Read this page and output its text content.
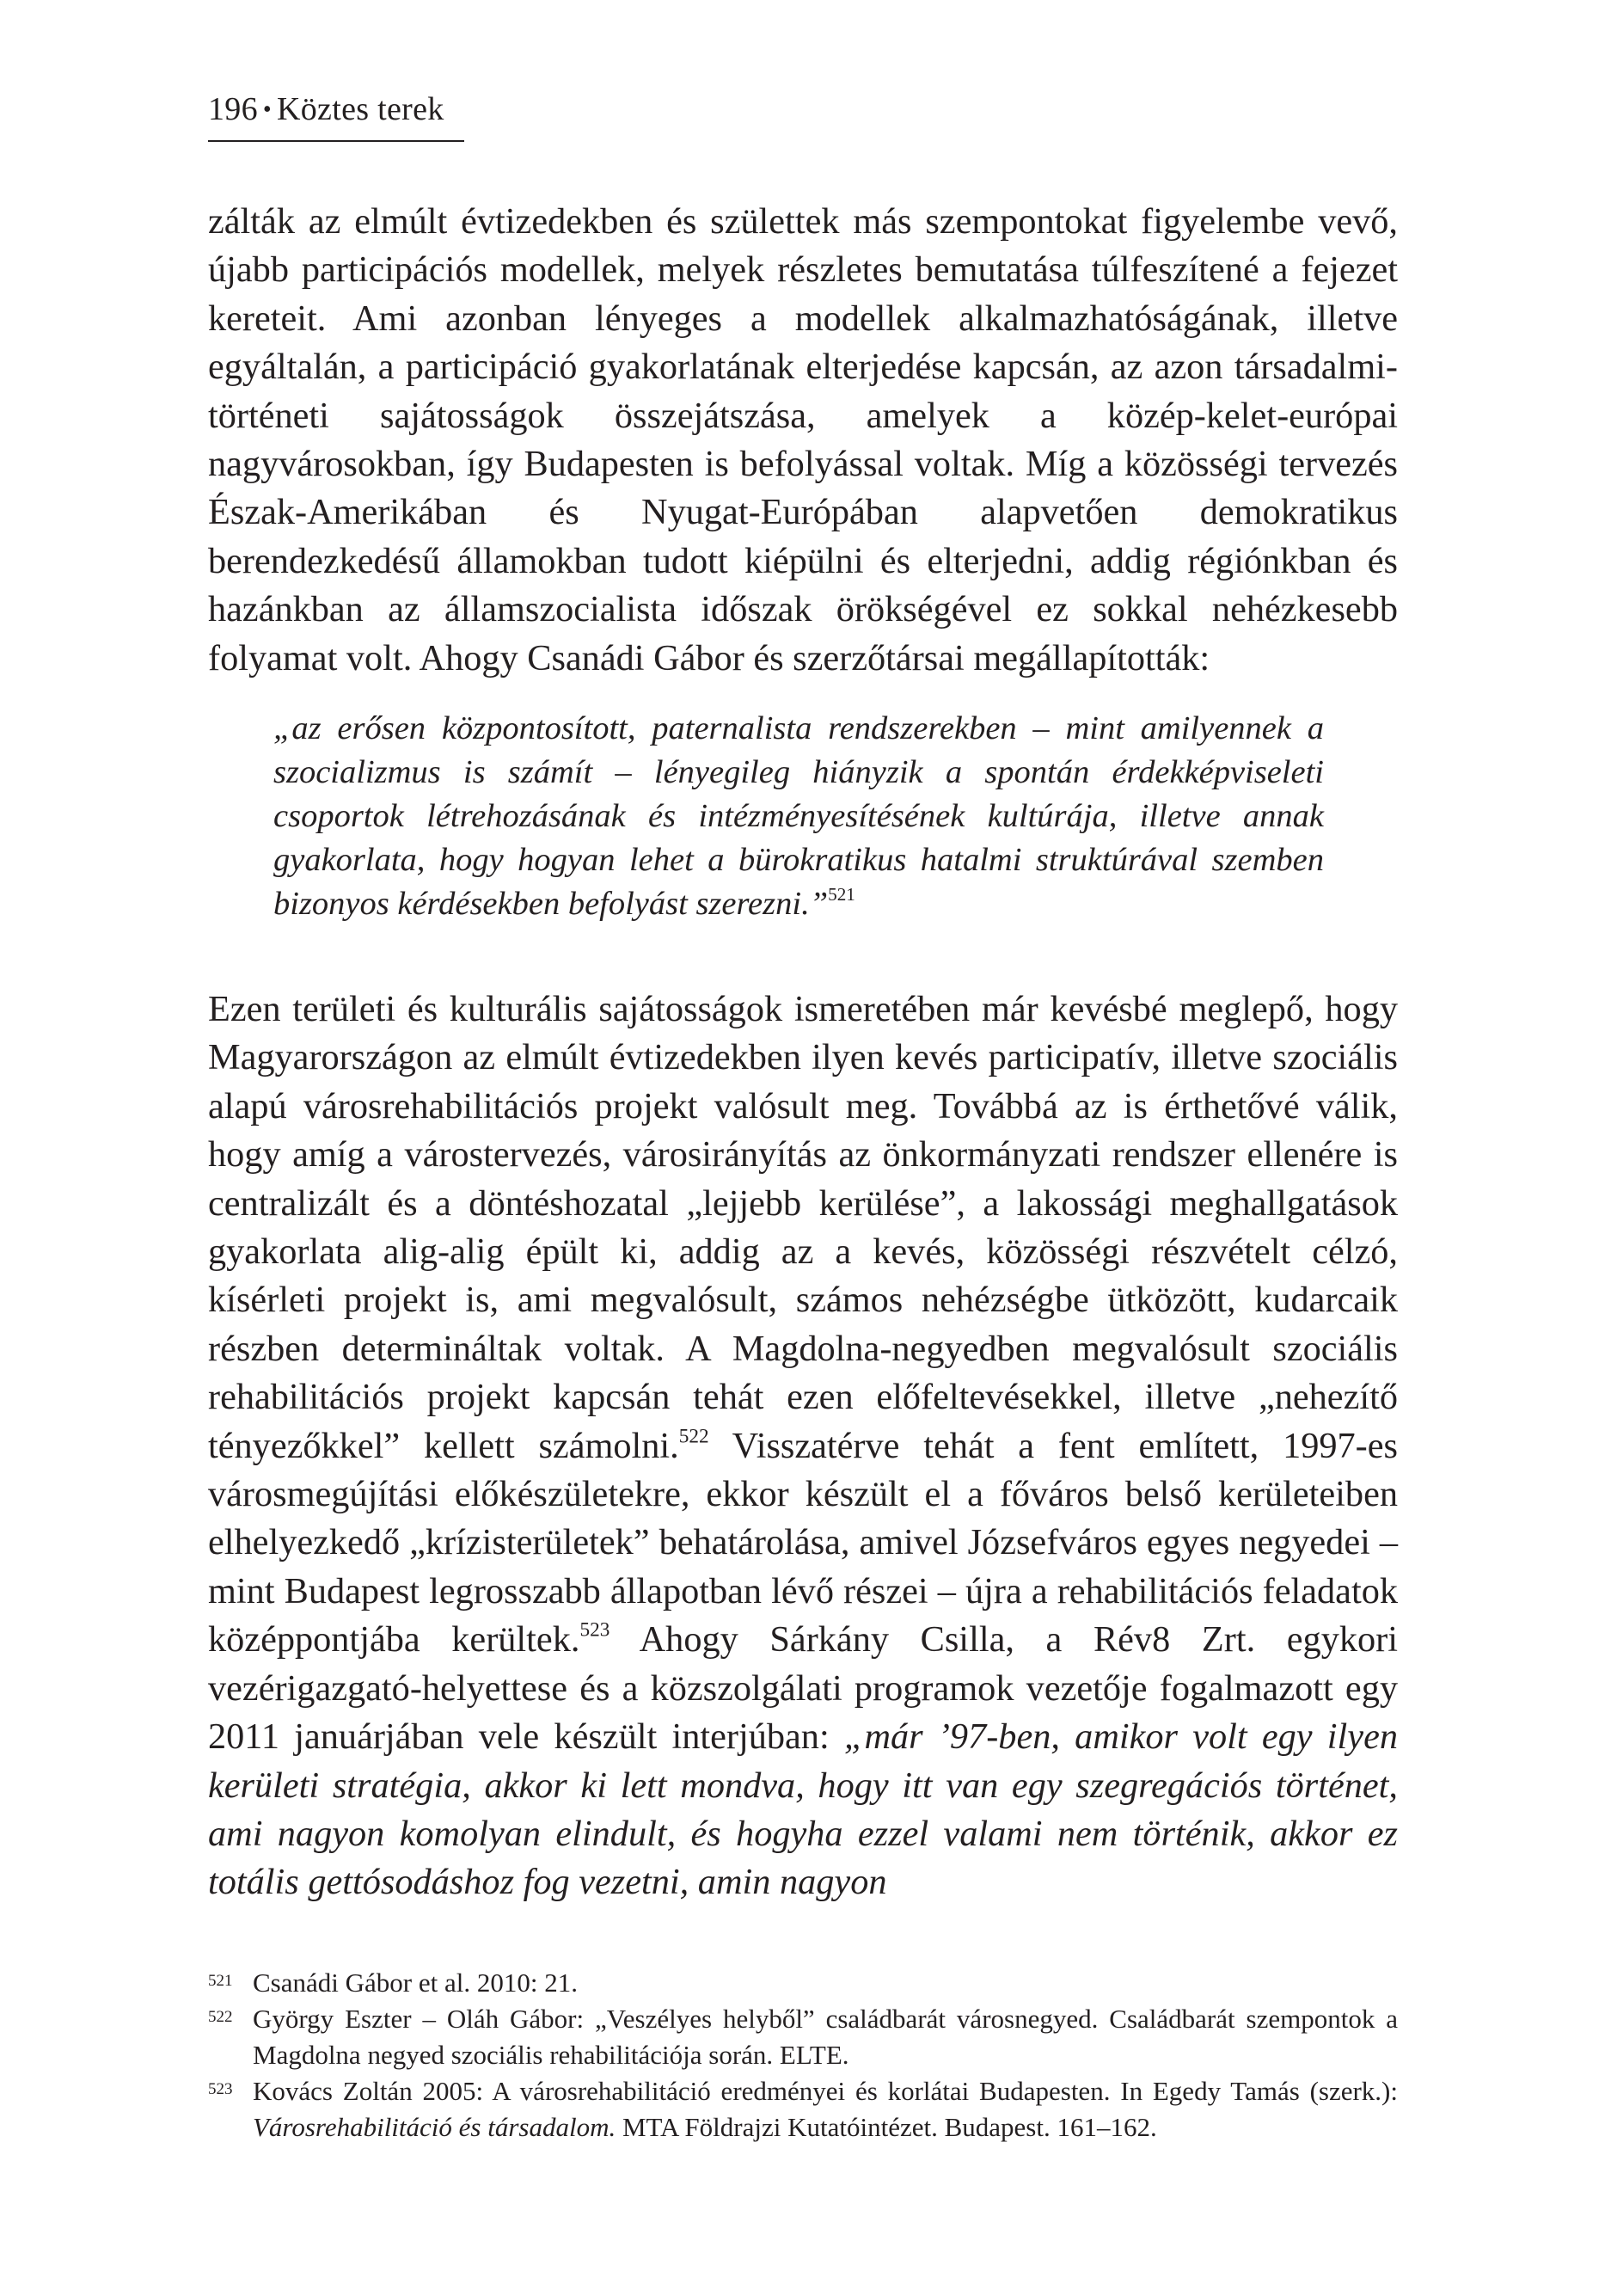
196 • Köztes terek

zálták az elmúlt évtizedekben és születtek más szempontokat figyelembe vevő, újabb participációs modellek, melyek részletes bemutatása túlfeszítené a fejezet kereteit. Ami azonban lényeges a modellek alkalmazhatóságának, illetve egyáltalán, a participáció gyakorlatának elterjedése kapcsán, az azon társadalmi-történeti sajátosságok összejátszása, amelyek a közép-kelet-európai nagyvárosokban, így Budapesten is befolyással voltak. Míg a közösségi tervezés Észak-Amerikában és Nyugat-Európában alapvetően demokratikus berendezkedésű államokban tudott kiépülni és elterjedni, addig régiónkban és hazánkban az államszocialista időszak örökségével ez sokkal nehézkesebb folyamat volt. Ahogy Csanádi Gábor és szerzőtársai megállapították:

„az erősen központosított, paternalista rendszerekben – mint amilyennek a szocializmus is számít – lényegileg hiányzik a spontán érdekképviseleti csoportok létrehozásának és intézményesítésének kultúrája, illetve annak gyakorlata, hogy hogyan lehet a bürokratikus hatalmi struktúrával szemben bizonyos kérdésekben befolyást szerezni.”$^{521}$

Ezen területi és kulturális sajátosságok ismeretében már kevésbé meglepő, hogy Magyarországon az elmúlt évtizedekben ilyen kevés participatív, illetve szociális alapú városrehabilitációs projekt valósult meg. Továbbá az is érthetővé válik, hogy amíg a várostervezés, városirányítás az önkormányzati rendszer ellenére is centralizált és a döntéshozatal „lejjebb kerülése”, a lakossági meghallgatások gyakorlata alig-alig épült ki, addig az a kevés, közösségi részvételt célzó, kísérleti projekt is, ami megvalósult, számos nehézségbe ütközött, kudarcaik részben determináltak voltak. A Magdolna-negyedben megvalósult szociális rehabilitációs projekt kapcsán tehát ezen előfeltevésekkel, illetve „nehezítő tényezőkkel” kellett számolni.$^{522}$ Visszatérve tehát a fent említett, 1997-es városmegújítási előkészületekre, ekkor készült el a főváros belső kerületeiben elhelyezkedő „krízisterületek” behatárolása, amivel Józsefváros egyes negyedei – mint Budapest legrosszabb állapotban lévő részei – újra a rehabilitációs feladatok középpontjába kerültek.$^{523}$ Ahogy Sárkány Csilla, a Rév8 Zrt. egykori vezérigazgató-helyettese és a közszolgálati programok vezetője fogalmazott egy 2011 januárjában vele készült interjúban: „már ’97-ben, amikor volt egy ilyen kerületi stratégia, akkor ki lett mondva, hogy itt van egy szegregációs történet, ami nagyon komolyan elindult, és hogyha ezzel valami nem történik, akkor ez totális gettósodáshoz fog vezetni, amin nagyon

521 Csanádi Gábor et al. 2010: 21.
522 György Eszter – Oláh Gábor: „Veszélyes helyből” családbarát városnegyed. Családbarát szempontok a Magdolna negyed szociális rehabilitációja során. ELTE.
523 Kovács Zoltán 2005: A városrehabilitáció eredményei és korlátai Budapesten. In Egedy Tamás (szerk.): Városrehabilitáció és társadalom. MTA Földrajzi Kutatóintézet. Budapest. 161–162.
